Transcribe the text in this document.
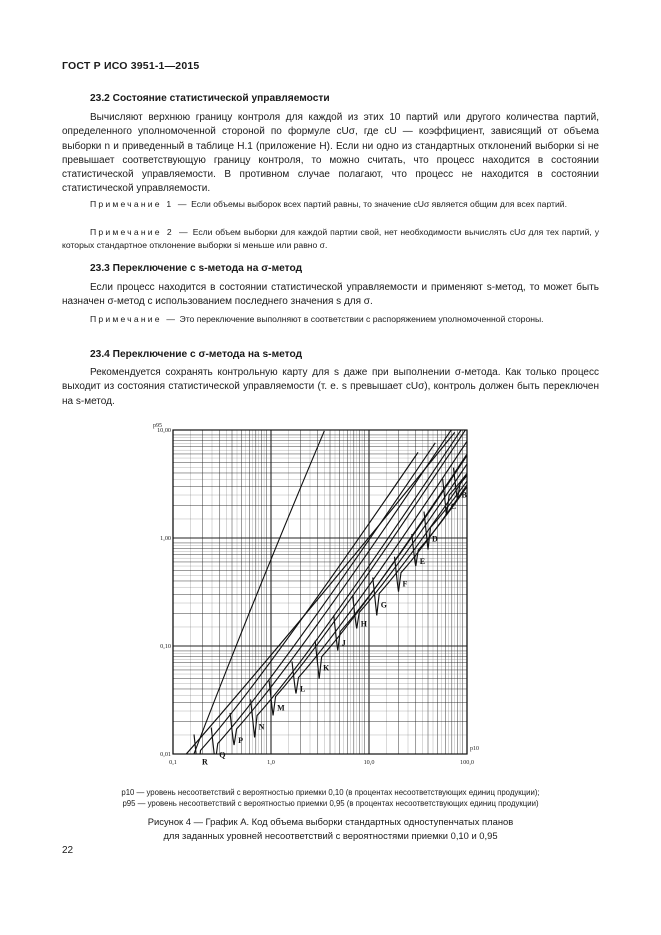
ГОСТ Р ИСО 3951-1—2015
23.2 Состояние статистической управляемости
Вычисляют верхнюю границу контроля для каждой из этих 10 партий или другого количества партий, определенного уполномоченной стороной по формуле cUσ, где cU — коэффициент, зависящий от объема выборки n и приведенный в таблице Н.1 (приложение Н). Если ни одно из стандартных отклонений выборки si не превышает соответствующую границу контроля, то можно считать, что процесс находится в состоянии статистической управляемости. В противном случае полагают, что процесс не находится в состоянии статистической управляемости.
Примечание 1 — Если объемы выборок всех партий равны, то значение cUσ является общим для всех партий.
Примечание 2 — Если объем выборки для каждой партии свой, нет необходимости вычислять cUσ для тех партий, у которых стандартное отклонение выборки si меньше или равно σ.
23.3 Переключение с s-метода на σ-метод
Если процесс находится в состоянии статистической управляемости и применяют s-метод, то может быть назначен σ-метод с использованием последнего значения s для σ.
Примечание — Это переключение выполняют в соответствии с распоряжением уполномоченной стороны.
23.4 Переключение с σ-метода на s-метод
Рекомендуется сохранять контрольную карту для s даже при выполнении σ-метода. Как только процесс выходит из состояния статистической управляемости (т. е. s превышает cUσ), контроль должен быть переключен на s-метод.
0,1	1,0	10,0	100,0
0,01
0,10
1,00
10,00
p95
p10
B
C
D
E
F
G
H
J
K
L
M
N
P
Q
R
p10 — уровень несоответствий с вероятностью приемки 0,10 (в процентах несоответствующих единиц продукции);
p95 — уровень несоответствий с вероятностью приемки 0,95 (в процентах несоответствующих единиц продукции)
Рисунок 4 — График А. Код объема выборки стандартных одноступенчатых планов
для заданных уровней несоответствий с вероятностями приемки 0,10 и 0,95
22
